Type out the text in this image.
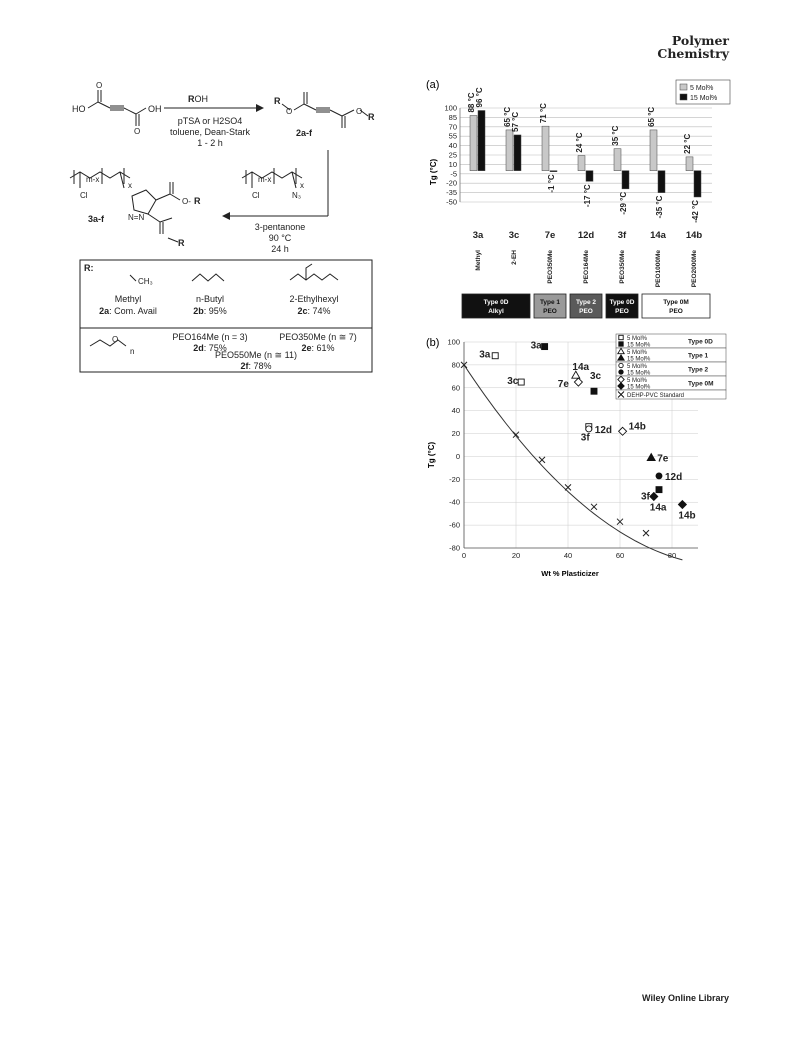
Polymer
Chemistry
HO	OH
O
O
ROH
pTSA or H2SO4
toluene, Dean-Stark
1 - 2 h
R
O	O
R
2a-f
m-x
x
Cl
N=N
O- R
R
3a-f
m-x
x
Cl	N₃
3-pentanone
90 °C
24 h
R:
CH₃
Methyl
2a: Com. Avail
n-Butyl
2b: 95%
2-Ethylhexyl
2c: 74%
O
n
PEO164Me (n = 3)
2d: 75%
PEO350Me (n ≅ 7)
2e: 61%
PEO550Me (n ≅ 11)
2f: 78%
(a)
100
85
70
55
40
25
10
-5
-20
-35
-50
Tg (°C)
88 °C 96 °C
65 °C 57 °C 71 °C
-1 °C
24 °C
-17 °C
35 °C
-29 °C
65 °C
-35 °C
22 °C
-42 °C
3a	3c	7e 12d 3f	14a 14b
Methyl	2-EH	PEO350Me	PEO164Me	PEO350Me	PEO1000Me	PEO2000Me
Type 0D
Alkyl
Type 1
PEO
Type 2
PEO
Type 0D
PEO
Type 0M
PEO
5 Mol%
15 Mol%
(b)
-80
-60
-40
-20
0
20
40
60
80
100
0	20	40	60	80
Tg (°C)
Wt % Plasticizer
3a
3a
3c	3c
7e
14a
3f
12d 14b
7e
12d
3f
14a
14b
5 Mol%
15 Mol%	Type 0D
5 Mol%
15 Mol%	Type 1
5 Mol%
15 Mol%	Type 2
5 Mol%
15 Mol%	Type 0M
DEHP-PVC Standard
Wiley Online Library
